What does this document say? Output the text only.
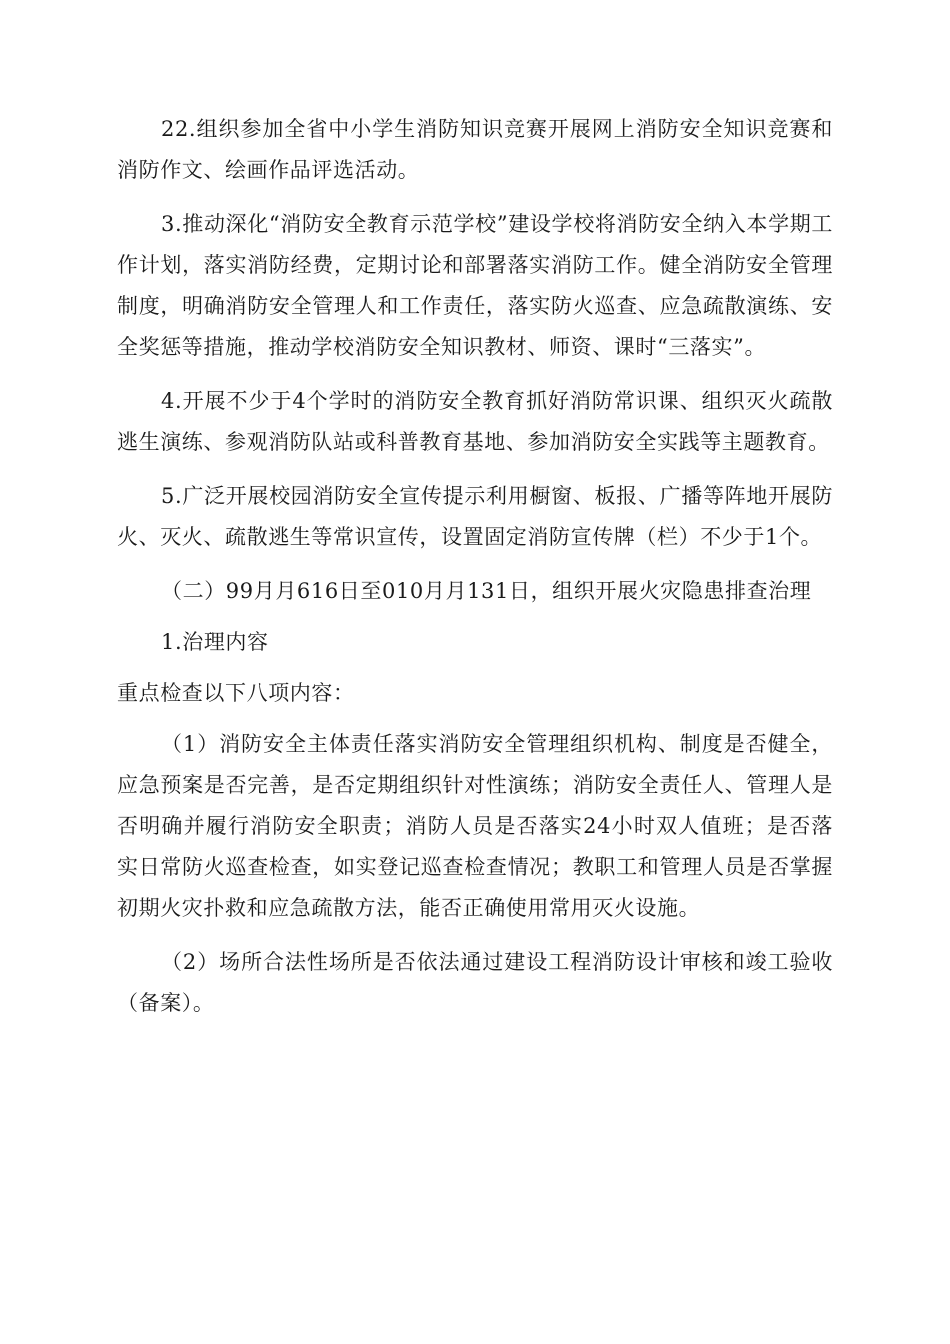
22.组织参加全省中小学生消防知识竞赛开展网上消防安全知识竞赛和消防作文、绘画作品评选活动。

3.推动深化“消防安全教育示范学校”建设学校将消防安全纳入本学期工作计划，落实消防经费，定期讨论和部署落实消防工作。健全消防安全管理制度，明确消防安全管理人和工作责任，落实防火巡查、应急疏散演练、安全奖惩等措施，推动学校消防安全知识教材、师资、课时“三落实”。

4.开展不少于4个学时的消防安全教育抓好消防常识课、组织灭火疏散逃生演练、参观消防队站或科普教育基地、参加消防安全实践等主题教育。

5.广泛开展校园消防安全宣传提示利用橱窗、板报、广播等阵地开展防火、灭火、疏散逃生等常识宣传，设置固定消防宣传牌（栏）不少于1个。

（二）99月月616日至010月月131日，组织开展火灾隐患排查治理

1.治理内容

重点检查以下八项内容：

（1）消防安全主体责任落实消防安全管理组织机构、制度是否健全，应急预案是否完善，是否定期组织针对性演练；消防安全责任人、管理人是否明确并履行消防安全职责；消防人员是否落实24小时双人值班；是否落实日常防火巡查检查，如实登记巡查检查情况；教职工和管理人员是否掌握初期火灾扑救和应急疏散方法，能否正确使用常用灭火设施。

（2）场所合法性场所是否依法通过建设工程消防设计审核和竣工验收（备案）。
